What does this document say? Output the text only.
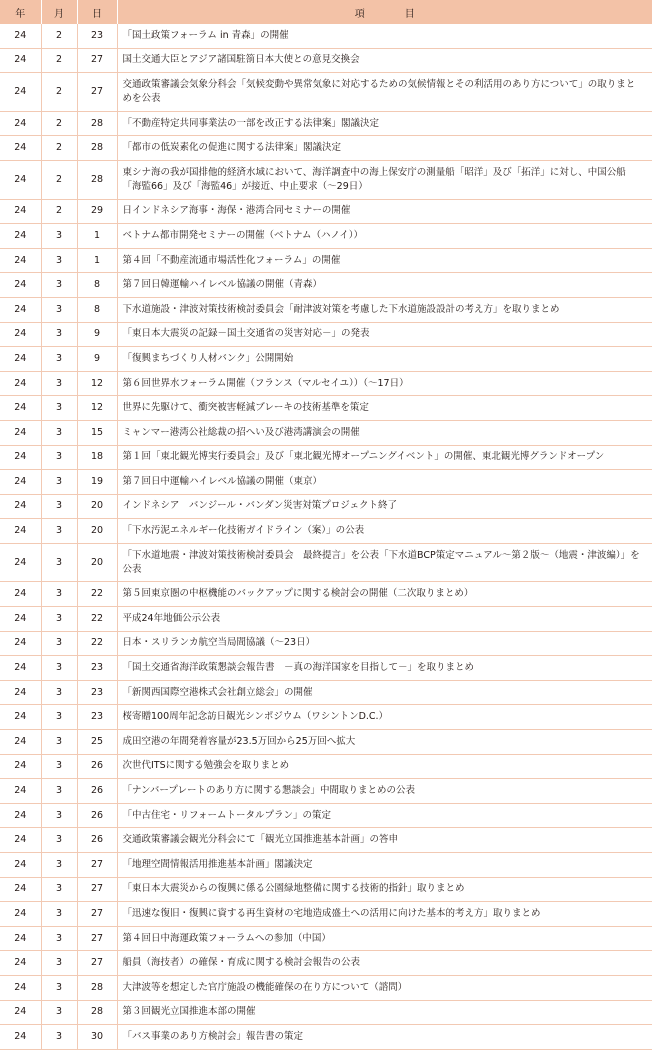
年	月	日	項　　　　目
24	2	23	「国土政策フォーラム in 青森」の開催
24	2	27	国土交通大臣とアジア諸国駐箚日本大使との意見交換会
24	2	27	交通政策審議会気象分科会「気候変動や異常気象に対応するための気候情報とその利活用のあり方について」の取りまとめを公表
24	2	28	「不動産特定共同事業法の一部を改正する法律案」閣議決定
24	2	28	「都市の低炭素化の促進に関する法律案」閣議決定
24	2	28	東シナ海の我が国排他的経済水域において、海洋調査中の海上保安庁の測量船「昭洋」及び「拓洋」に対し、中国公船「海監66」及び「海監46」が接近、中止要求（～29日）
24	2	29	日インドネシア海事・海保・港湾合同セミナーの開催
24	3	1	ベトナム都市開発セミナーの開催（ベトナム（ハノイ））
24	3	1	第４回「不動産流通市場活性化フォーラム」の開催
24	3	8	第７回日韓運輸ハイレベル協議の開催（青森）
24	3	8	下水道施設・津波対策技術検討委員会「耐津波対策を考慮した下水道施設設計の考え方」を取りまとめ
24	3	9	「東日本大震災の記録－国土交通省の災害対応－」の発表
24	3	9	「復興まちづくり人材バンク」公開開始
24	3	12	第６回世界水フォーラム開催（フランス（マルセイユ））（～17日）
24	3	12	世界に先駆けて、衝突被害軽減ブレーキの技術基準を策定
24	3	15	ミャンマー港湾公社総裁の招へい及び港湾講演会の開催
24	3	18	第１回「東北観光博実行委員会」及び「東北観光博オープニングイベント」の開催、東北観光博グランドオープン
24	3	19	第７回日中運輸ハイレベル協議の開催（東京）
24	3	20	インドネシア　バンジール・バンダン災害対策プロジェクト終了
24	3	20	「下水汚泥エネルギー化技術ガイドライン（案）」の公表
24	3	20	「下水道地震・津波対策技術検討委員会　最終提言」を公表「下水道BCP策定マニュアル～第２版～（地震・津波編）」を公表
24	3	22	第５回東京圏の中枢機能のバックアップに関する検討会の開催（二次取りまとめ）
24	3	22	平成24年地価公示公表
24	3	22	日本・スリランカ航空当局間協議（～23日）
24	3	23	「国土交通省海洋政策懇談会報告書　－真の海洋国家を目指して－」を取りまとめ
24	3	23	「新関西国際空港株式会社創立総会」の開催
24	3	23	桜寄贈100周年記念訪日観光シンポジウム（ワシントンD.C.）
24	3	25	成田空港の年間発着容量が23.5万回から25万回へ拡大
24	3	26	次世代ITSに関する勉強会を取りまとめ
24	3	26	「ナンバープレートのあり方に関する懇談会」中間取りまとめの公表
24	3	26	「中古住宅・リフォームトータルプラン」の策定
24	3	26	交通政策審議会観光分科会にて「観光立国推進基本計画」の答申
24	3	27	「地理空間情報活用推進基本計画」閣議決定
24	3	27	「東日本大震災からの復興に係る公園緑地整備に関する技術的指針」取りまとめ
24	3	27	「迅速な復旧・復興に資する再生資材の宅地造成盛土への活用に向けた基本的考え方」取りまとめ
24	3	27	第４回日中海運政策フォーラムへの参加（中国）
24	3	27	船員（海技者）の確保・育成に関する検討会報告の公表
24	3	28	大津波等を想定した官庁施設の機能確保の在り方について（諮問）
24	3	28	第３回観光立国推進本部の開催
24	3	30	「バス事業のあり方検討会」報告書の策定
